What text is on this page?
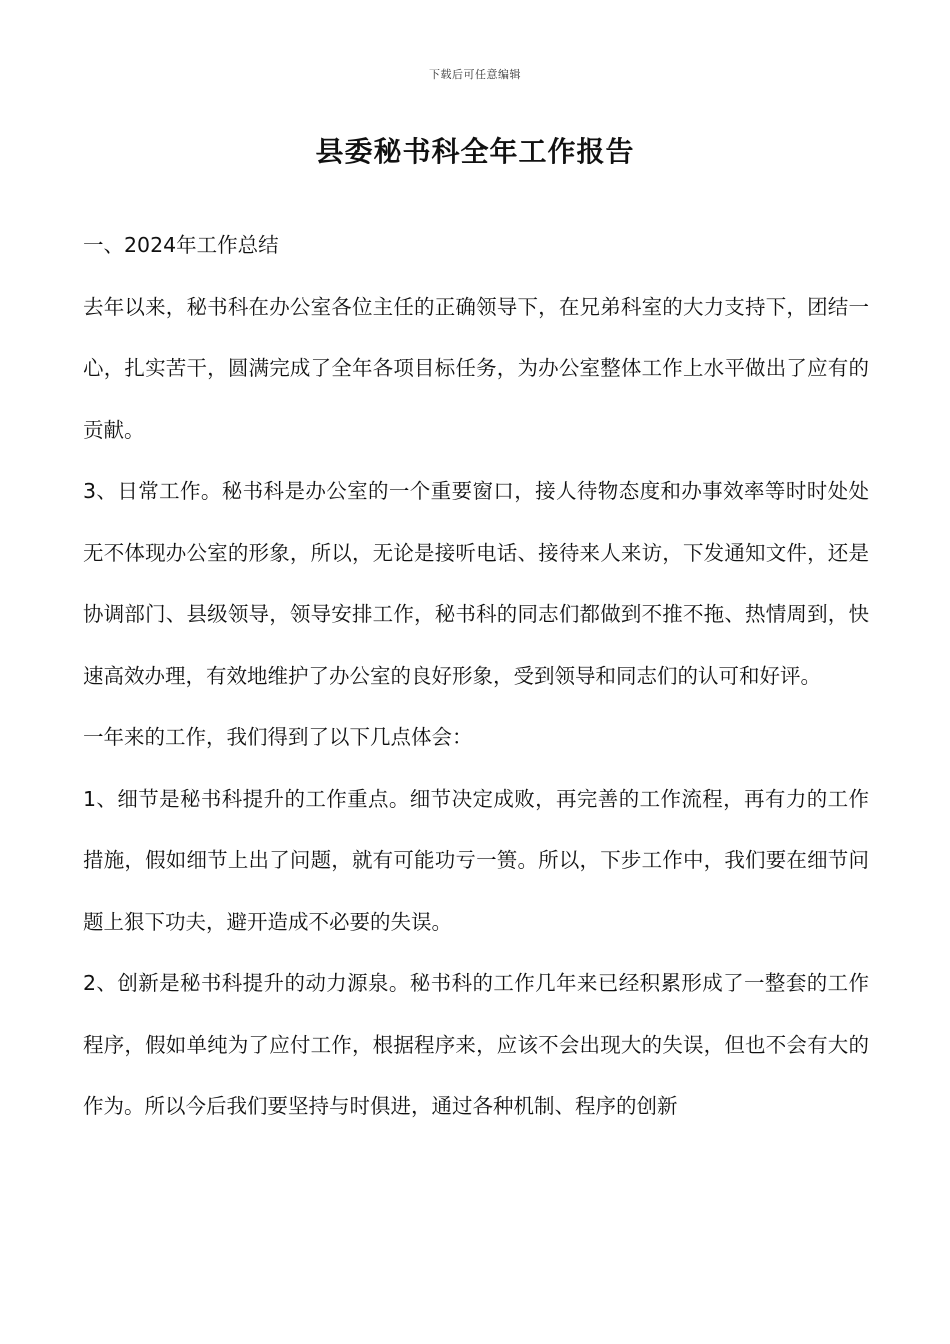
下载后可任意编辑
县委秘书科全年工作报告

一、2024年工作总结

去年以来，秘书科在办公室各位主任的正确领导下，在兄弟科室的大力支持下，团结一心，扎实苦干，圆满完成了全年各项目标任务，为办公室整体工作上水平做出了应有的贡献。

3、日常工作。秘书科是办公室的一个重要窗口，接人待物态度和办事效率等时时处处无不体现办公室的形象，所以，无论是接听电话、接待来人来访，下发通知文件，还是协调部门、县级领导，领导安排工作，秘书科的同志们都做到不推不拖、热情周到，快速高效办理，有效地维护了办公室的良好形象，受到领导和同志们的认可和好评。

一年来的工作，我们得到了以下几点体会：

1、细节是秘书科提升的工作重点。细节决定成败，再完善的工作流程，再有力的工作措施，假如细节上出了问题，就有可能功亏一篑。所以，下步工作中，我们要在细节问题上狠下功夫，避开造成不必要的失误。

2、创新是秘书科提升的动力源泉。秘书科的工作几年来已经积累形成了一整套的工作程序，假如单纯为了应付工作，根据程序来，应该不会出现大的失误，但也不会有大的作为。所以今后我们要坚持与时俱进，通过各种机制、程序的创新
